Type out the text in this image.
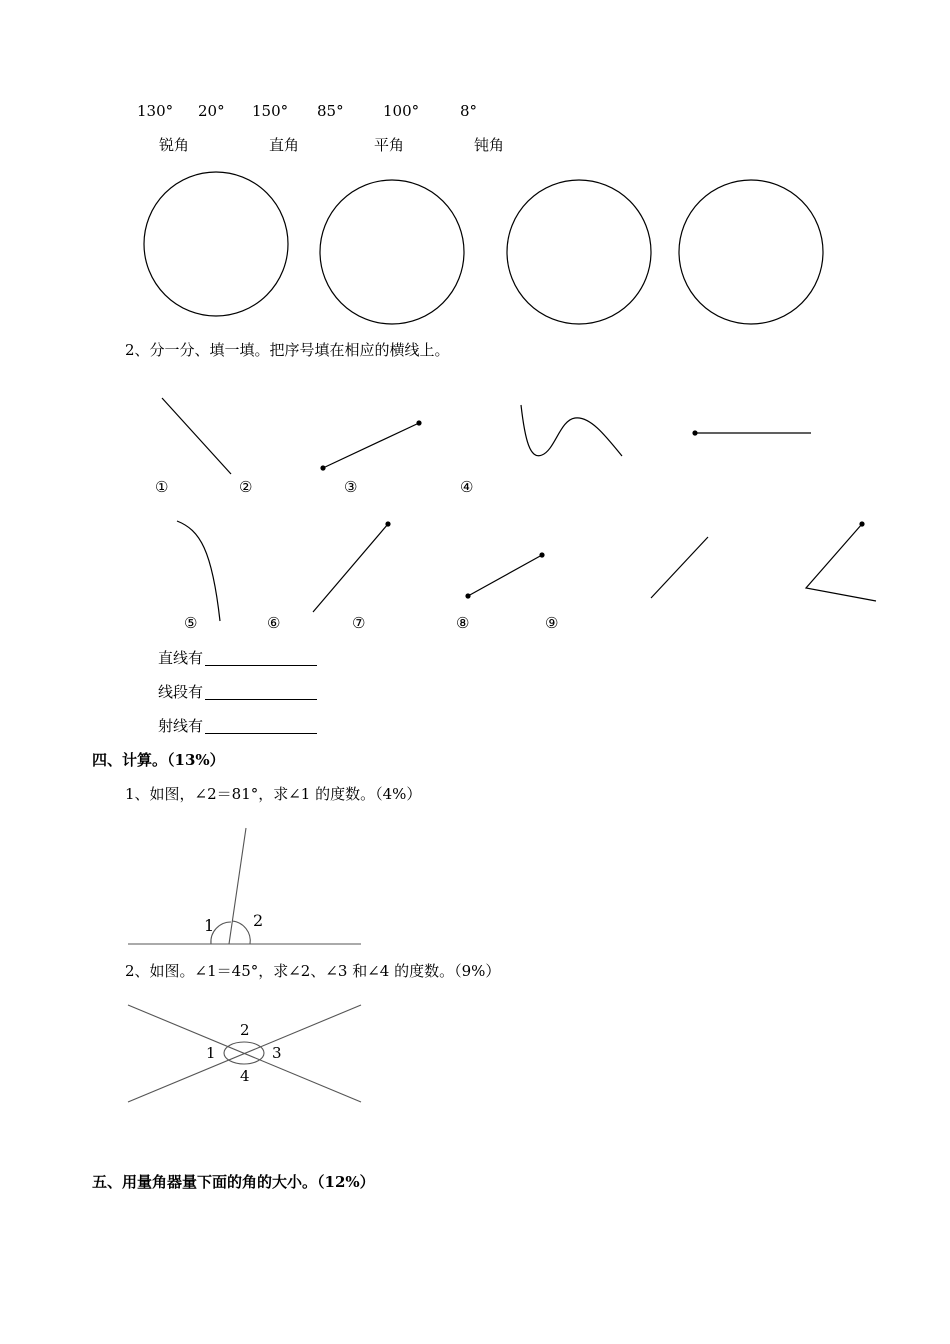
130° 20° 150° 85°	100°	8°
锐角	直角	平角	钝角
2、分一分、填一填。把序号填在相应的横线上。
①	②	③	④
⑤	⑥	⑦	⑧	⑨
直线有
线段有
射线有
四、计算。（13%）
1、如图，∠2＝81°，求∠1 的度数。（4%）
1 2
2、如图。∠1＝45°，求∠2、∠3 和∠4 的度数。（9%）
1
2
3
4
五、用量角器量下面的角的大小。（12%）
